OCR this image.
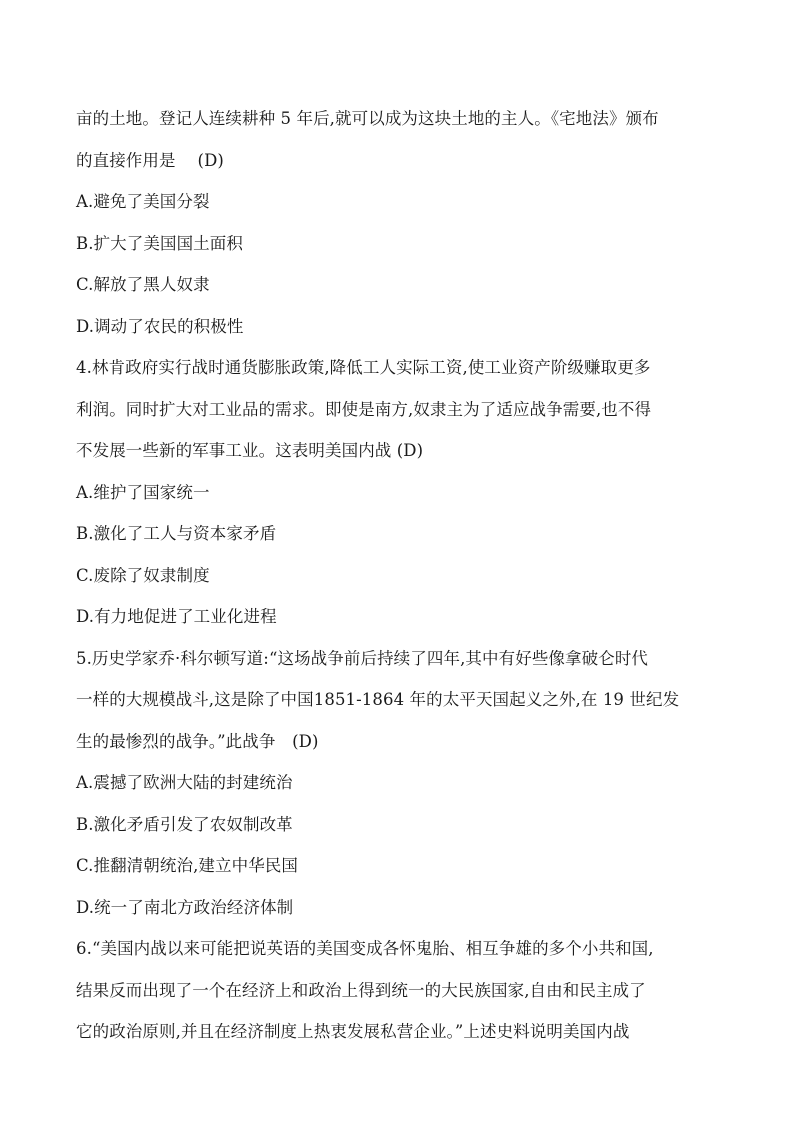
亩的土地。登记人连续耕种 5 年后,就可以成为这块土地的主人。《宅地法》颁布
的直接作用是　 (D)
A.避免了美国分裂
B.扩大了美国国土面积
C.解放了黑人奴隶
D.调动了农民的积极性
4.林肯政府实行战时通货膨胀政策,降低工人实际工资,使工业资产阶级赚取更多
利润。同时扩大对工业品的需求。即使是南方,奴隶主为了适应战争需要,也不得
不发展一些新的军事工业。这表明美国内战 (D)
A.维护了国家统一
B.激化了工人与资本家矛盾
C.废除了奴隶制度
D.有力地促进了工业化进程
5.历史学家乔·科尔顿写道:“这场战争前后持续了四年,其中有好些像拿破仑时代
一样的大规模战斗,这是除了中国1851-1864 年的太平天国起义之外,在 19 世纪发
生的最惨烈的战争。”此战争　(D)
A.震撼了欧洲大陆的封建统治
B.激化矛盾引发了农奴制改革
C.推翻清朝统治,建立中华民国
D.统一了南北方政治经济体制
6.“美国内战以来可能把说英语的美国变成各怀鬼胎、相互争雄的多个小共和国,
结果反而出现了一个在经济上和政治上得到统一的大民族国家,自由和民主成了
它的政治原则,并且在经济制度上热衷发展私营企业。”上述史料说明美国内战
